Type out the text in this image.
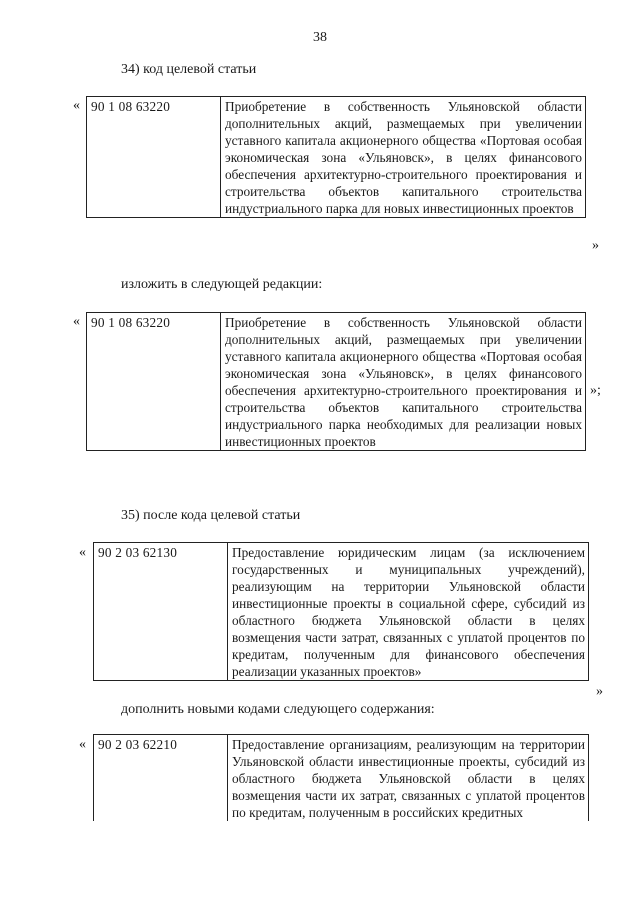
38
34) код целевой статьи
« 90 1 08 63220	Приобретение в собственность Ульяновской области дополнительных акций, размещаемых при увеличении уставного капитала акционерного общества «Портовая особая экономическая зона «Ульяновск», в целях финансового обеспечения архитектурно-строительного проектирования и строительства объектов капитального строительства индустриального парка для новых инвестиционных проектов
»
изложить в следующей редакции:
« 90 1 08 63220	Приобретение в собственность Ульяновской области дополнительных акций, размещаемых при увеличении уставного капитала акционерного общества «Портовая особая экономическая зона «Ульяновск», в целях финансового обеспечения архитектурно-строительного проектирования и строительства объектов капитального строительства индустриального парка необходимых для реализации новых инвестиционных проектов
»;
35) после кода целевой статьи
« 90 2 03 62130	Предоставление юридическим лицам (за исключением государственных и муниципальных учреждений), реализующим на территории Ульяновской области инвестиционные проекты в социальной сфере, субсидий из областного бюджета Ульяновской области в целях возмещения части затрат, связанных с уплатой процентов по кредитам, полученным для финансового обеспечения реализации указанных проектов»
»
дополнить новыми кодами следующего содержания:
« 90 2 03 62210	Предоставление организациям, реализующим на территории Ульяновской области инвестиционные проекты, субсидий из областного бюджета Ульяновской области в целях возмещения части их затрат, связанных с уплатой процентов по кредитам, полученным в российских кредитных
